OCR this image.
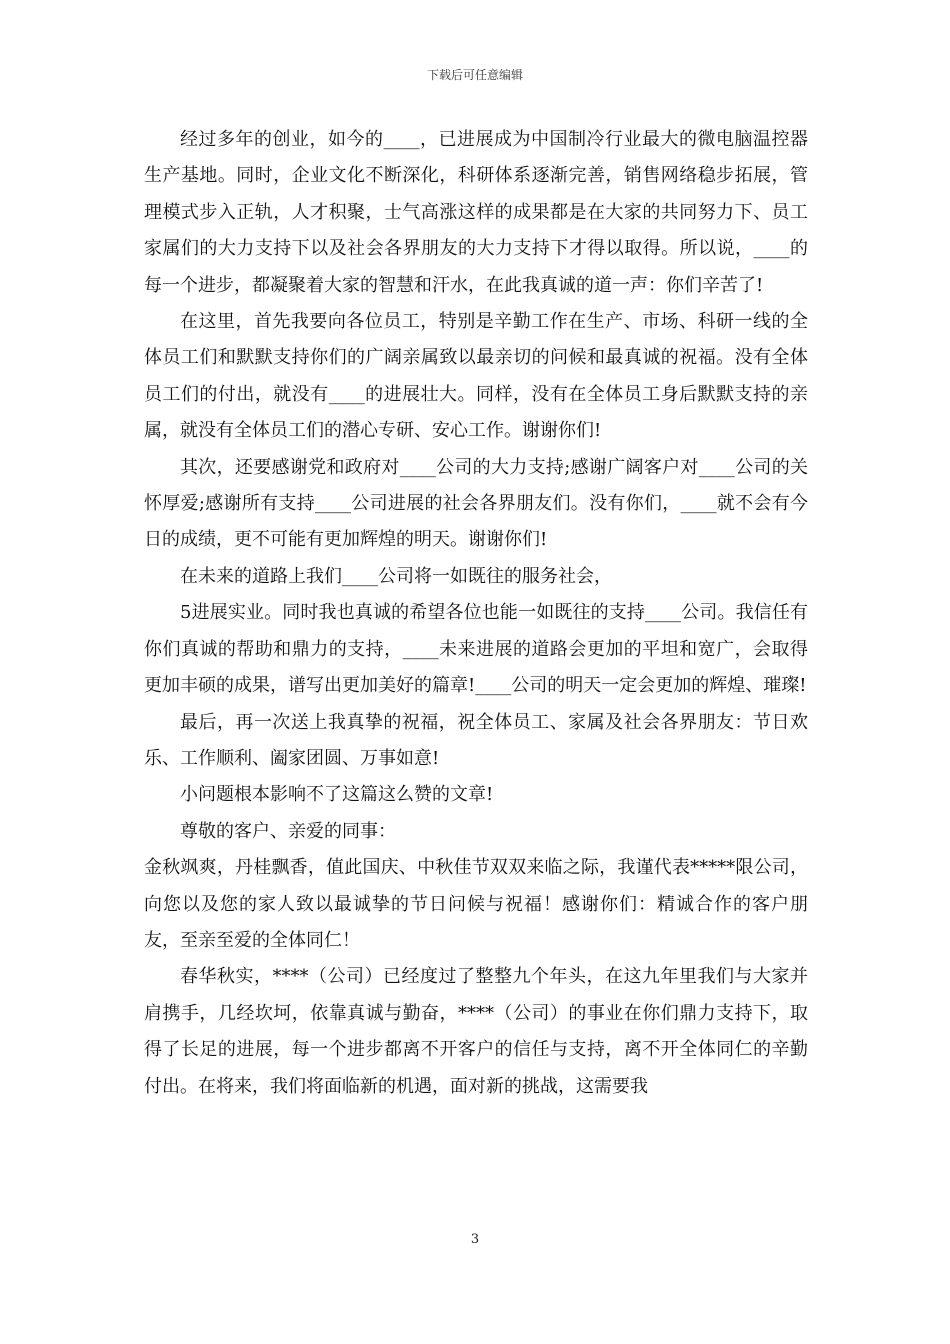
下载后可任意编辑

经过多年的创业，如今的____，已进展成为中国制冷行业最大的微电脑温控器生产基地。同时，企业文化不断深化，科研体系逐渐完善，销售网络稳步拓展，管理模式步入正轨，人才积聚，士气高涨这样的成果都是在大家的共同努力下、员工家属们的大力支持下以及社会各界朋友的大力支持下才得以取得。所以说，____的每一个进步，都凝聚着大家的智慧和汗水，在此我真诚的道一声：你们辛苦了!

在这里，首先我要向各位员工，特别是辛勤工作在生产、市场、科研一线的全体员工们和默默支持你们的广阔亲属致以最亲切的问候和最真诚的祝福。没有全体员工们的付出，就没有____的进展壮大。同样，没有在全体员工身后默默支持的亲属，就没有全体员工们的潜心专研、安心工作。谢谢你们!

其次，还要感谢党和政府对____公司的大力支持;感谢广阔客户对____公司的关怀厚爱;感谢所有支持____公司进展的社会各界朋友们。没有你们，____就不会有今日的成绩，更不可能有更加辉煌的明天。谢谢你们!

在未来的道路上我们____公司将一如既往的服务社会，

5进展实业。同时我也真诚的希望各位也能一如既往的支持____公司。我信任有你们真诚的帮助和鼎力的支持，____未来进展的道路会更加的平坦和宽广，会取得更加丰硕的成果，谱写出更加美好的篇章!____公司的明天一定会更加的辉煌、璀璨!

最后，再一次送上我真挚的祝福，祝全体员工、家属及社会各界朋友：节日欢乐、工作顺利、阖家团圆、万事如意!

小问题根本影响不了这篇这么赞的文章!

尊敬的客户、亲爱的同事：

金秋飒爽，丹桂飘香，值此国庆、中秋佳节双双来临之际，我谨代表*****限公司，向您以及您的家人致以最诚挚的节日问候与祝福！感谢你们：精诚合作的客户朋友，至亲至爱的全体同仁！

春华秋实，****（公司）已经度过了整整九个年头，在这九年里我们与大家并肩携手，几经坎坷，依靠真诚与勤奋，****（公司）的事业在你们鼎力支持下，取得了长足的进展，每一个进步都离不开客户的信任与支持，离不开全体同仁的辛勤付出。在将来，我们将面临新的机遇，面对新的挑战，这需要我

3
